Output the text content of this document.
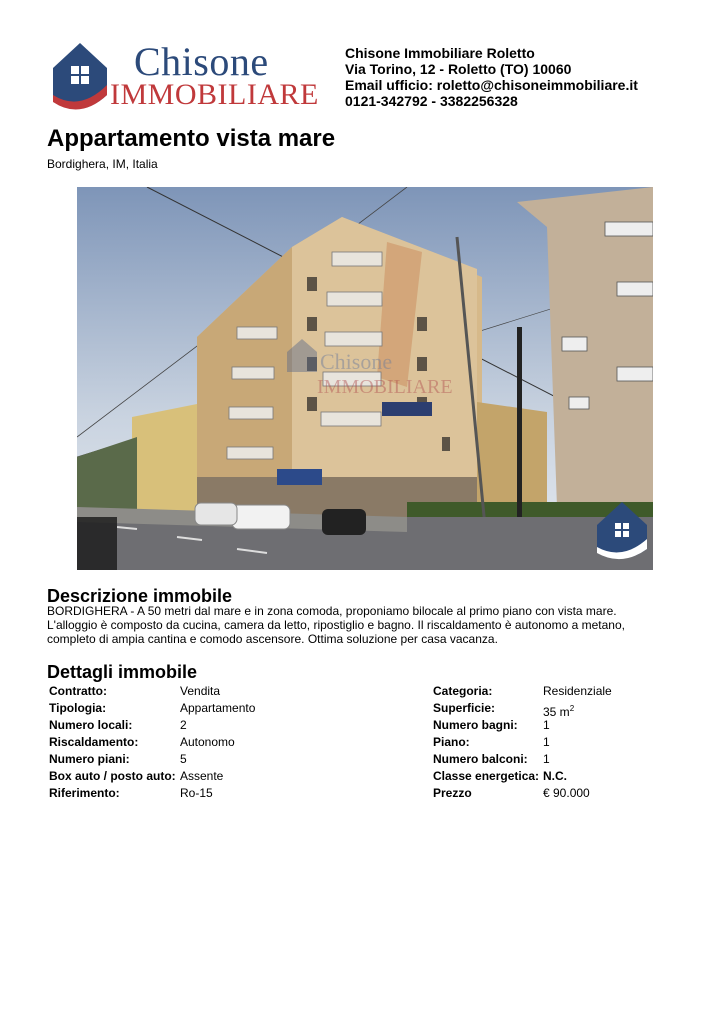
Chisone
IMMOBILIARE
Chisone Immobiliare Roletto
Via Torino, 12 - Roletto (TO) 10060
Email ufficio: roletto@chisoneimmobiliare.it
0121-342792 - 3382256328
Appartamento vista mare
Bordighera, IM, Italia
Chisone
IMMOBILIARE
Descrizione immobile
BORDIGHERA - A 50 metri dal mare e in zona comoda, proponiamo bilocale al primo piano con vista mare. L'alloggio è composto da cucina, camera da letto, ripostiglio e bagno. Il riscaldamento è autonomo a metano, completo di ampia cantina e comodo ascensore. Ottima soluzione per casa vacanza.
Dettagli immobile
Contratto:	Vendita	Categoria:	Residenziale
Tipologia:	Appartamento	Superficie:	35 $m^2$
Numero locali:	2	Numero bagni: 1
Riscaldamento:	Autonomo	Piano:	1
Numero piani:	5	Numero balconi: 1
Box auto / posto auto: Assente	Classe energetica: N.C.
Riferimento:	Ro-15	Prezzo	€ 90.000
